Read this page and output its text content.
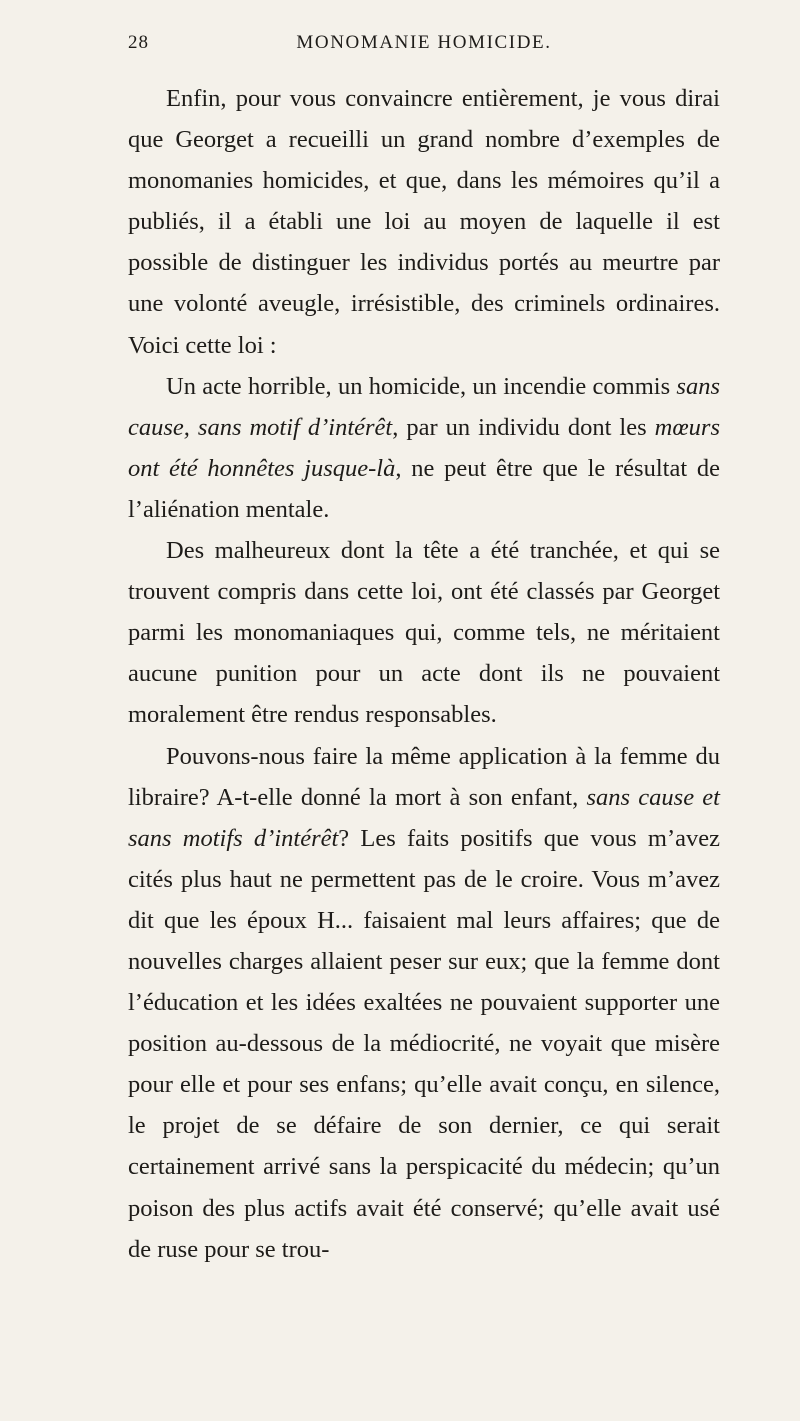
28	MONOMANIE HOMICIDE.

Enfin, pour vous convaincre entièrement, je vous dirai que Georget a recueilli un grand nombre d’exemples de monomanies homicides, et que, dans les mémoires qu’il a publiés, il a établi une loi au moyen de laquelle il est possible de distinguer les individus portés au meurtre par une volonté aveugle, irrésistible, des criminels ordinaires. Voici cette loi :

Un acte horrible, un homicide, un incendie commis sans cause, sans motif d’intérêt, par un individu dont les mœurs ont été honnêtes jusque-là, ne peut être que le résultat de l’aliénation mentale.

Des malheureux dont la tête a été tranchée, et qui se trouvent compris dans cette loi, ont été classés par Georget parmi les monomaniaques qui, comme tels, ne méritaient aucune punition pour un acte dont ils ne pouvaient moralement être rendus responsables.

Pouvons-nous faire la même application à la femme du libraire? A-t-elle donné la mort à son enfant, sans cause et sans motifs d’intérêt? Les faits positifs que vous m’avez cités plus haut ne permettent pas de le croire. Vous m’avez dit que les époux H... faisaient mal leurs affaires; que de nouvelles charges allaient peser sur eux; que la femme dont l’éducation et les idées exaltées ne pouvaient supporter une position au-dessous de la médiocrité, ne voyait que misère pour elle et pour ses enfans; qu’elle avait conçu, en silence, le projet de se défaire de son dernier, ce qui serait certainement arrivé sans la perspicacité du médecin; qu’un poison des plus actifs avait été conservé; qu’elle avait usé de ruse pour se trou-
